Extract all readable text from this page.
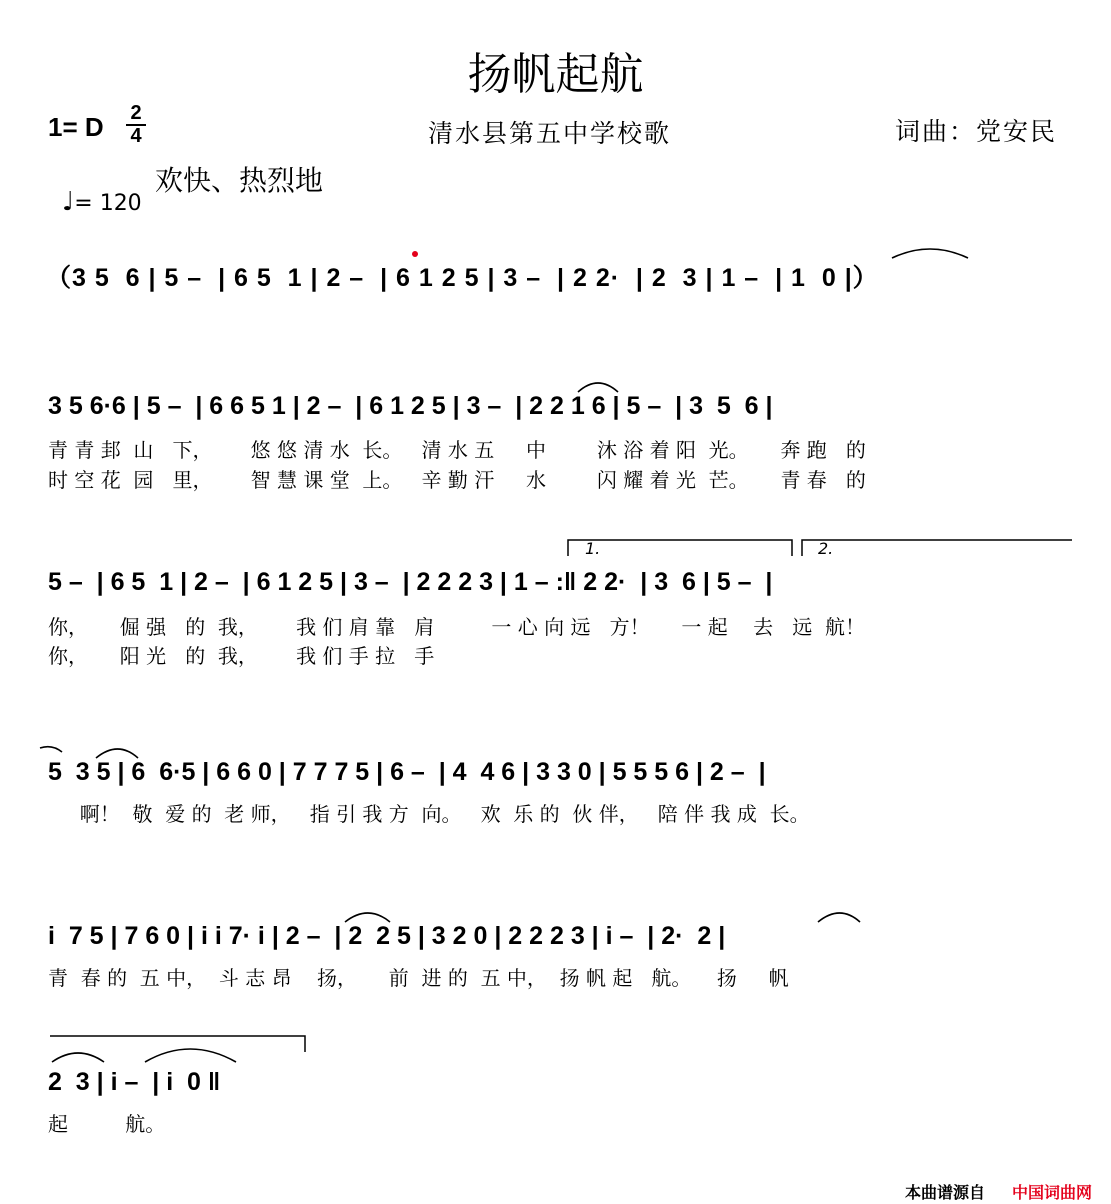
扬帆起航
1= D 2
4	清水县第五中学校歌	词曲：党安民

♩= 120

欢快、热烈地
（3 5  6 | 5 –  | 6 5  1 | 2 –  | 6 1 2 5 | 3 –  | 2 2·  | 2  3 | 1 –  | 1  0 |）
3 5 6·6 | 5 –  | 6 6 5 1 | 2 –  | 6 1 2 5 | 3 –  | 2 2 1 6 | 5 –  | 3  5  6 |
青 青 邽  山   下，      悠 悠 清 水  长。   清 水 五     中        沐 浴 着 阳  光。     奔 跑   的
时 空 花  园   里，      智 慧 课 堂  上。   辛 勤 汗     水        闪 耀 着 光  芒。     青 春   的
1.	2.
5 –  | 6 5  1 | 2 –  | 6 1 2 5 | 3 –  | 2 2 2 3 | 1 – :‖ 2 2·  | 3  6 | 5 –  |
你，     倔 强   的  我，      我 们 肩 靠   肩         一 心 向 远   方！     一 起    去   远  航！
你，     阳 光   的  我，      我 们 手 拉   手
5  3 5 | 6  6·5 | 6 6 0 | 7 7 7 5 | 6 –  | 4  4 6 | 3 3 0 | 5 5 5 6 | 2 –  |
啊！  敬  爱 的  老 师，   指 引 我 方  向。   欢  乐 的  伙 伴，   陪 伴 我 成  长。
i  7 5 | 7 6 0 | i i 7· i | 2 –  | 2  2 5 | 3 2 0 | 2 2 2 3 | i –  | 2·  2 |
青  春 的  五 中，  斗 志 昂    扬，     前  进 的  五 中，  扬 帆 起   航。    扬     帆
2  3 | i –  | i  0 ‖
起         航。
本曲谱源自 中国词曲网
